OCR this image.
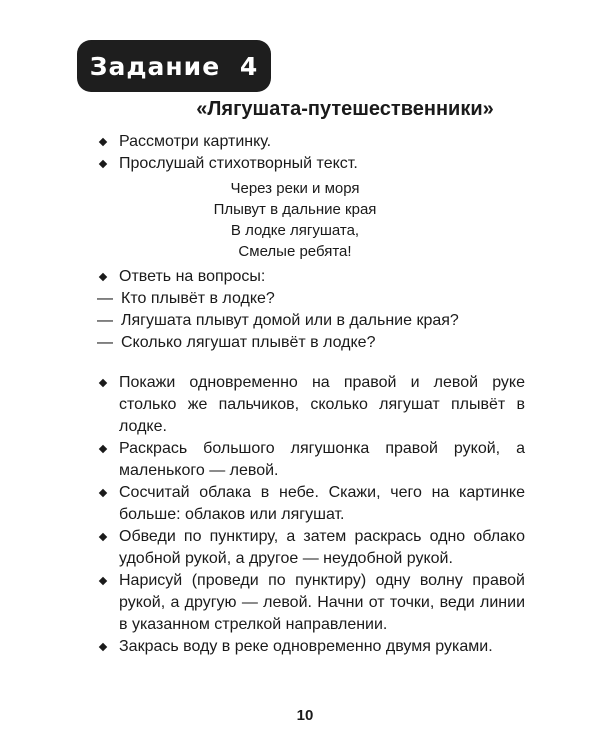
Задание 4
«Лягушата-путешественники»
Рассмотри картинку.
Прослушай стихотворный текст.
Через реки и моря
Плывут в дальние края
В лодке лягушата,
Смелые ребята!
Ответь на вопросы:
— Кто плывёт в лодке?
— Лягушата плывут домой или в дальние края?
— Сколько лягушат плывёт в лодке?
Покажи одновременно на правой и левой руке столько же пальчиков, сколько лягушат плывёт в лодке.
Раскрась большого лягушонка правой рукой, а маленького — левой.
Сосчитай облака в небе. Скажи, чего на картинке больше: облаков или лягушат.
Обведи по пунктиру, а затем раскрась одно облако удобной рукой, а другое — неудобной рукой.
Нарисуй (проведи по пунктиру) одну волну правой рукой, а другую — левой. Начни от точки, веди линии в указанном стрелкой направлении.
Закрась воду в реке одновременно двумя руками.
10
